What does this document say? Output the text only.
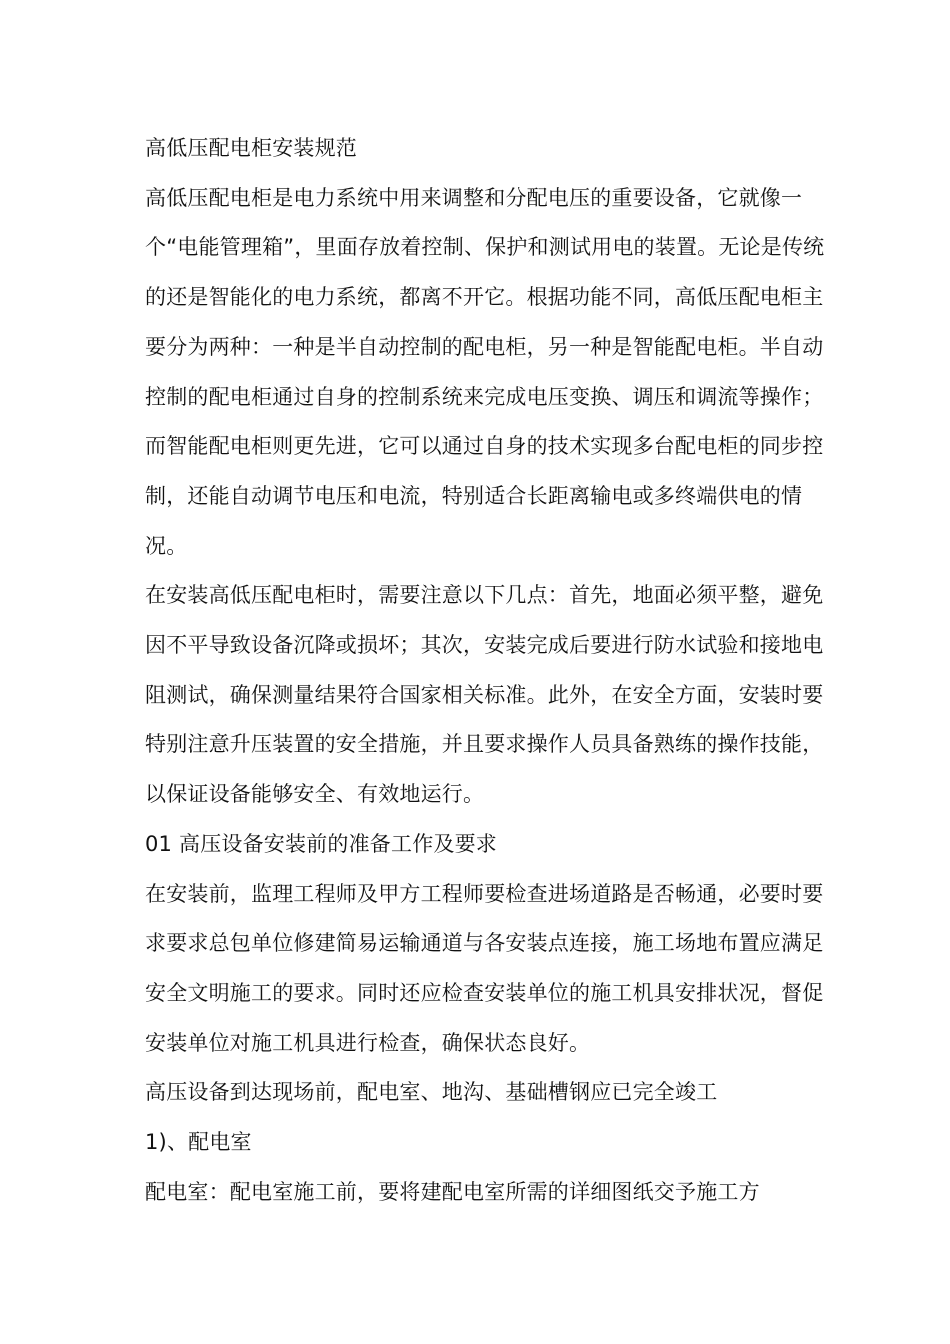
高低压配电柜安装规范

高低压配电柜是电力系统中用来调整和分配电压的重要设备，它就像一个“电能管理箱”，里面存放着控制、保护和测试用电的装置。无论是传统的还是智能化的电力系统，都离不开它。根据功能不同，高低压配电柜主要分为两种：一种是半自动控制的配电柜，另一种是智能配电柜。半自动控制的配电柜通过自身的控制系统来完成电压变换、调压和调流等操作；而智能配电柜则更先进，它可以通过自身的技术实现多台配电柜的同步控制，还能自动调节电压和电流，特别适合长距离输电或多终端供电的情况。

在安装高低压配电柜时，需要注意以下几点：首先，地面必须平整，避免因不平导致设备沉降或损坏；其次，安装完成后要进行防水试验和接地电阻测试，确保测量结果符合国家相关标准。此外，在安全方面，安装时要特别注意升压装置的安全措施，并且要求操作人员具备熟练的操作技能，以保证设备能够安全、有效地运行。

01 高压设备安装前的准备工作及要求

在安装前，监理工程师及甲方工程师要检查进场道路是否畅通，必要时要求要求总包单位修建简易运输通道与各安装点连接，施工场地布置应满足安全文明施工的要求。同时还应检查安装单位的施工机具安排状况，督促安装单位对施工机具进行检查，确保状态良好。

高压设备到达现场前，配电室、地沟、基础槽钢应已完全竣工

1)、配电室

配电室：配电室施工前，要将建配电室所需的详细图纸交予施工方
